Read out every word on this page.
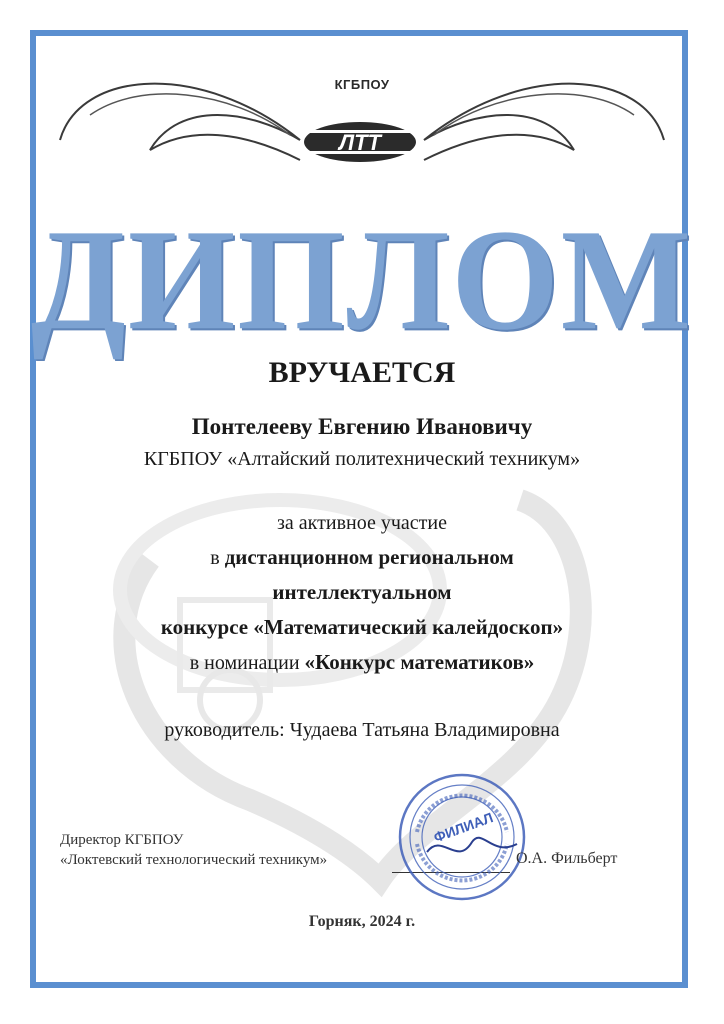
КГБПОУ
ЛТТ
ДИПЛОМ
ВРУЧАЕТСЯ
Понтелееву Евгению Ивановичу
КГБПОУ «Алтайский политехнический техникум»
за активное участие
в дистанционном региональном
интеллектуальном
конкурсе «Математический калейдоскоп»
в номинации «Конкурс математиков»
руководитель: Чудаева Татьяна Владимировна
Директор КГБПОУ
«Локтевский технологический техникум»
ФИЛИАЛ
О.А. Фильберт
Горняк, 2024 г.
